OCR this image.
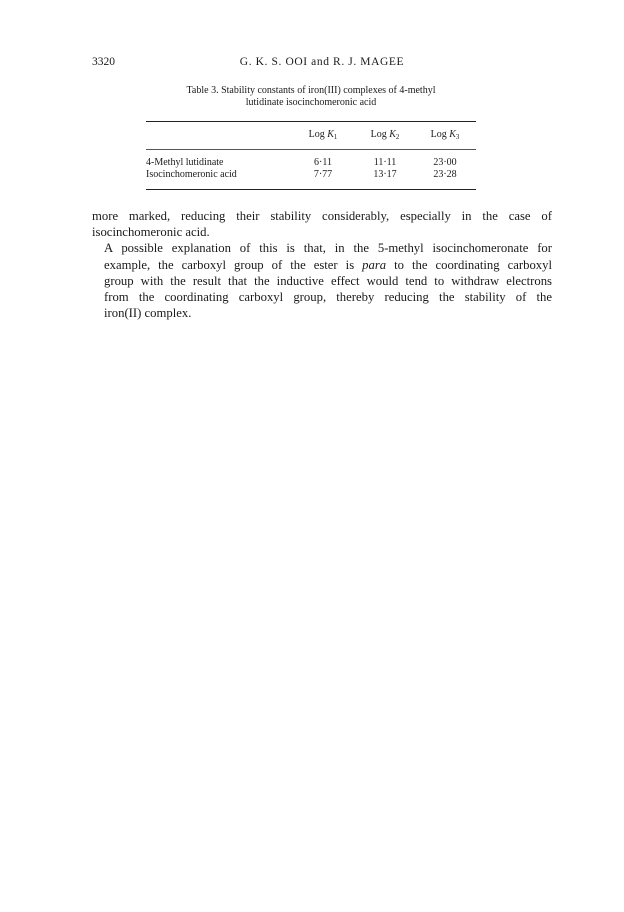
3320	G. K. S. OOI and R. J. MAGEE
Table 3. Stability constants of iron(III) complexes of 4-methyl
lutidinate isocinchomeronic acid
	Log $K_1$	Log $K_2$	Log $K_3$
4-Methyl lutidinate	6·11	11·11	23·00
Isocinchomeronic acid	7·77	13·17	23·28

more marked, reducing their stability considerably, especially in the case of
isocinchomeronic acid.

A possible explanation of this is that, in the 5-methyl isocinchomeronate for
example, the carboxyl group of the ester is para to the coordinating carboxyl
group with the result that the inductive effect would tend to withdraw electrons
from the coordinating carboxyl group, thereby reducing the stability of the
iron(II) complex.
